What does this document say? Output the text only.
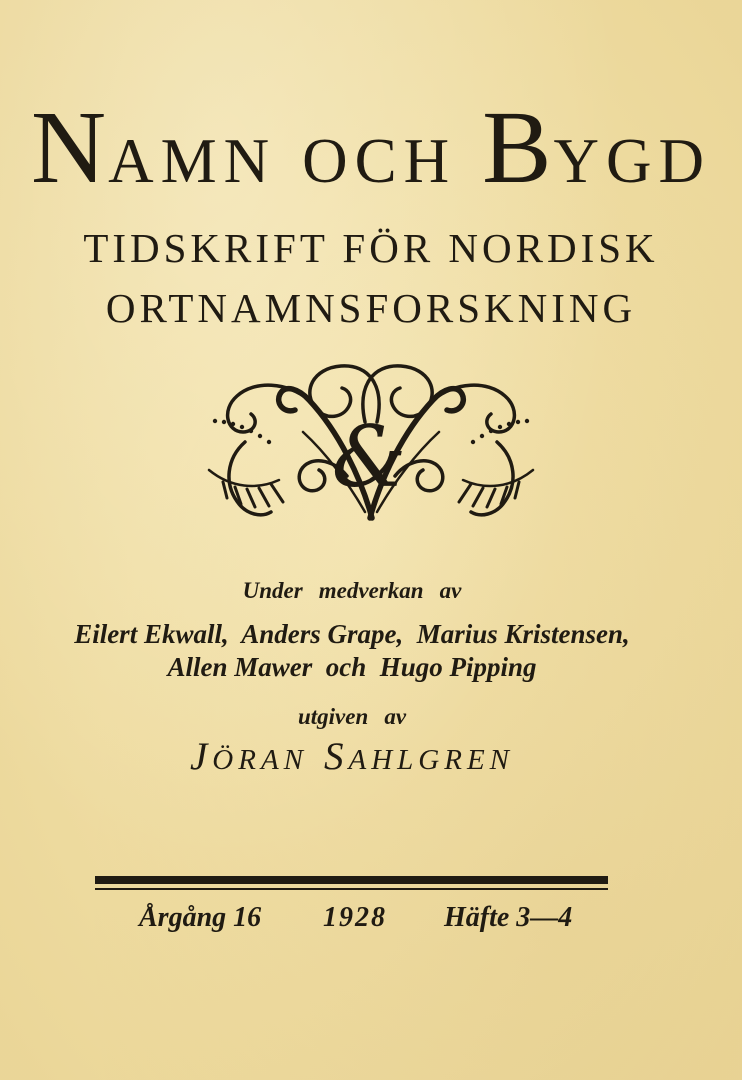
N AMN OCH B YGD
TIDSKRIFT FÖR NORDISK
ORTNAMNSFORSKNING
&
Under medverkan av
Eilert Ekwall,  Anders Grape,  Marius Kristensen,
Allen Mawer  och  Hugo Pipping
utgiven av
JÖRAN SAHLGREN
Årgång 16 1928 Häfte 3—4
